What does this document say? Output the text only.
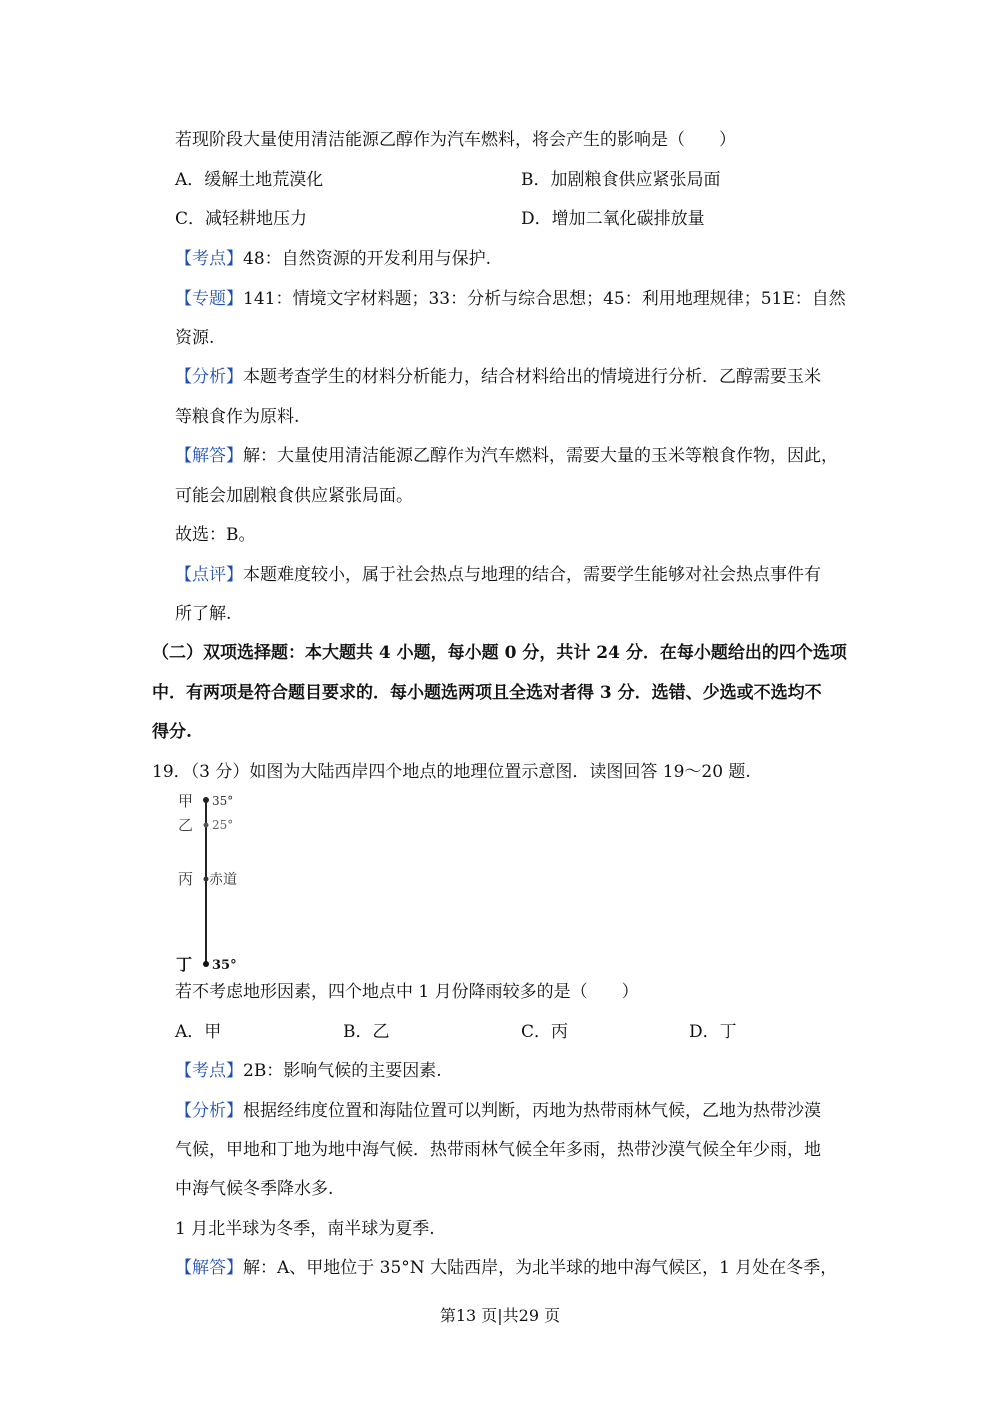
若现阶段大量使用清洁能源乙醇作为汽车燃料，将会产生的影响是（　　）
A．缓解土地荒漠化	B．加剧粮食供应紧张局面
C．减轻耕地压力	D．增加二氧化碳排放量
【考点】48：自然资源的开发利用与保护.
【专题】141：情境文字材料题；33：分析与综合思想；45：利用地理规律；51E：自然
资源.
【分析】本题考查学生的材料分析能力，结合材料给出的情境进行分析．乙醇需要玉米
等粮食作为原料.
【解答】解：大量使用清洁能源乙醇作为汽车燃料，需要大量的玉米等粮食作物，因此，
可能会加剧粮食供应紧张局面。
故选：B。
【点评】本题难度较小，属于社会热点与地理的结合，需要学生能够对社会热点事件有
所了解.
（二）双项选择题：本大题共 4 小题，每小题 0 分，共计 24 分．在每小题给出的四个选项
中．有两项是符合题目要求的．每小题选两项且全选对者得 3 分．选错、少选或不选均不
得分.
19．（3 分）如图为大陆西岸四个地点的地理位置示意图．读图回答 19～20 题.
甲 35°
乙 25°
丙 赤道
丁 35°
若不考虑地形因素，四个地点中 1 月份降雨较多的是（　　）
A．甲	B．乙	C．丙	D．丁
【考点】2B：影响气候的主要因素.
【分析】根据经纬度位置和海陆位置可以判断，丙地为热带雨林气候，乙地为热带沙漠
气候，甲地和丁地为地中海气候．热带雨林气候全年多雨，热带沙漠气候全年少雨，地
中海气候冬季降水多.
1 月北半球为冬季，南半球为夏季.
【解答】解：A、甲地位于 35°N 大陆西岸，为北半球的地中海气候区，1 月处在冬季，
第13 页|共29 页
